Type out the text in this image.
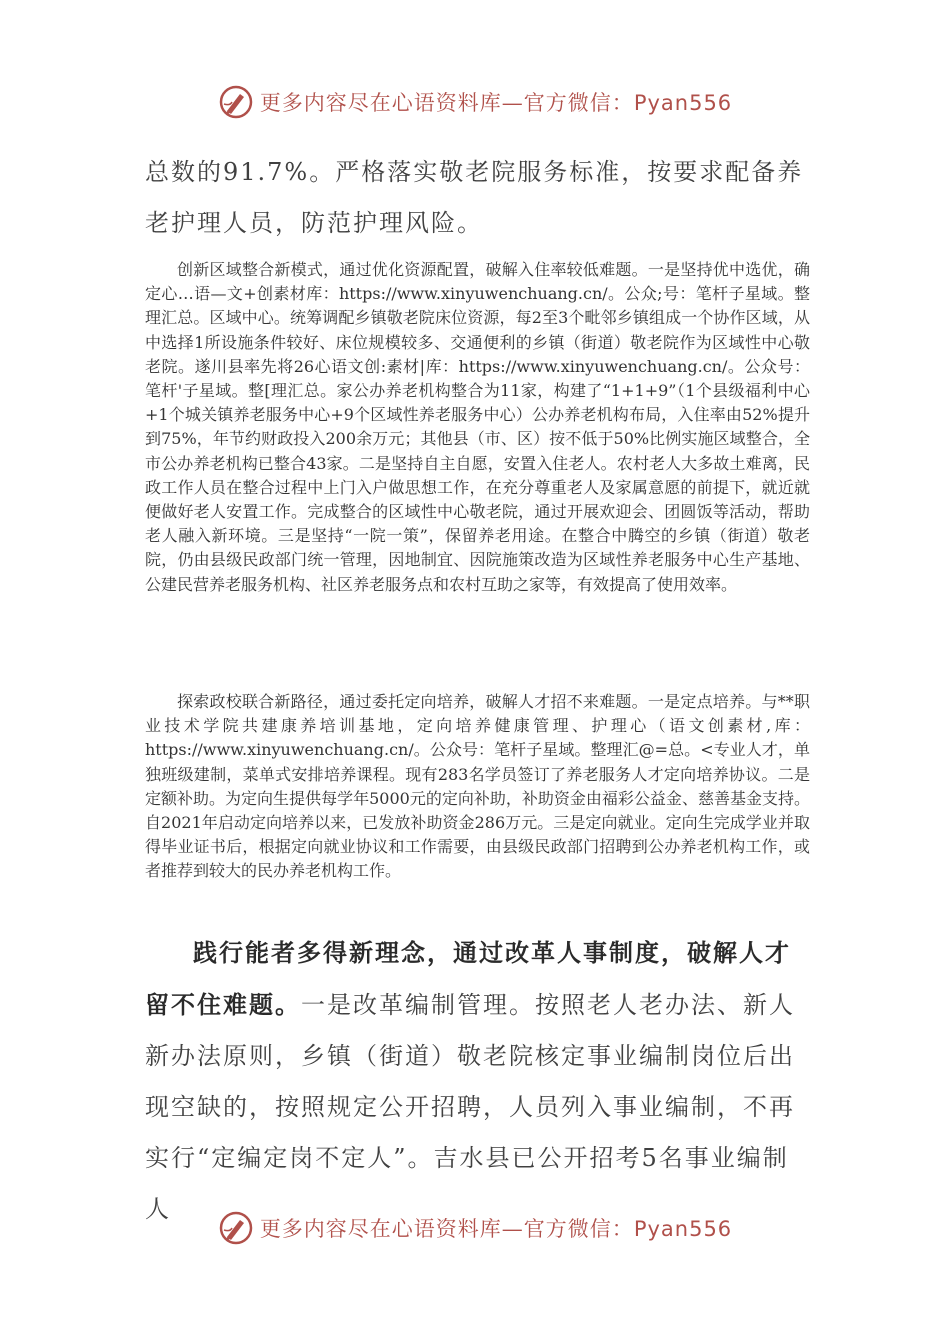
更多内容尽在心语资料库—官方微信：Pyan556

总数的91.7%。严格落实敬老院服务标准，按要求配备养老护理人员，防范护理风险。

创新区域整合新模式，通过优化资源配置，破解入住率较低难题。一是坚持优中选优，确定心…语—文+创素材库：https://www.xinyuwenchuang.cn/。公众;号：笔杆子星域。整理汇总。区域中心。统筹调配乡镇敬老院床位资源，每2至3个毗邻乡镇组成一个协作区域，从中选择1所设施条件较好、床位规模较多、交通便利的乡镇（街道）敬老院作为区域性中心敬老院。遂川县率先将26心语文创:素材|库：https://www.xinyuwenchuang.cn/。公众号：笔杆'子星域。整[理汇总。家公办养老机构整合为11家，构建了“1+1+9”（1个县级福利中心+1个城关镇养老服务中心+9个区域性养老服务中心）公办养老机构布局，入住率由52%提升到75%，年节约财政投入200余万元；其他县（市、区）按不低于50%比例实施区域整合，全市公办养老机构已整合43家。二是坚持自主自愿，安置入住老人。农村老人大多故土难离，民政工作人员在整合过程中上门入户做思想工作，在充分尊重老人及家属意愿的前提下，就近就便做好老人安置工作。完成整合的区域性中心敬老院，通过开展欢迎会、团圆饭等活动，帮助老人融入新环境。三是坚持“一院一策”，保留养老用途。在整合中腾空的乡镇（街道）敬老院，仍由县级民政部门统一管理，因地制宜、因院施策改造为区域性养老服务中心生产基地、公建民营养老服务机构、社区养老服务点和农村互助之家等，有效提高了使用效率。

探索政校联合新路径，通过委托定向培养，破解人才招不来难题。一是定点培养。与**职业技术学院共建康养培训基地，定向培养健康管理、护理心（语文创素材,库：https://www.xinyuwenchuang.cn/。公众号：笔杆子星域。整理汇@=总。<专业人才，单独班级建制，菜单式安排培养课程。现有283名学员签订了养老服务人才定向培养协议。二是定额补助。为定向生提供每学年5000元的定向补助，补助资金由福彩公益金、慈善基金支持。自2021年启动定向培养以来，已发放补助资金286万元。三是定向就业。定向生完成学业并取得毕业证书后，根据定向就业协议和工作需要，由县级民政部门招聘到公办养老机构工作，或者推荐到较大的民办养老机构工作。

践行能者多得新理念，通过改革人事制度，破解人才留不住难题。一是改革编制管理。按照老人老办法、新人新办法原则，乡镇（街道）敬老院核定事业编制岗位后出现空缺的，按照规定公开招聘，人员列入事业编制，不再实行“定编定岗不定人”。吉水县已公开招考5名事业编制人

更多内容尽在心语资料库—官方微信：Pyan556
